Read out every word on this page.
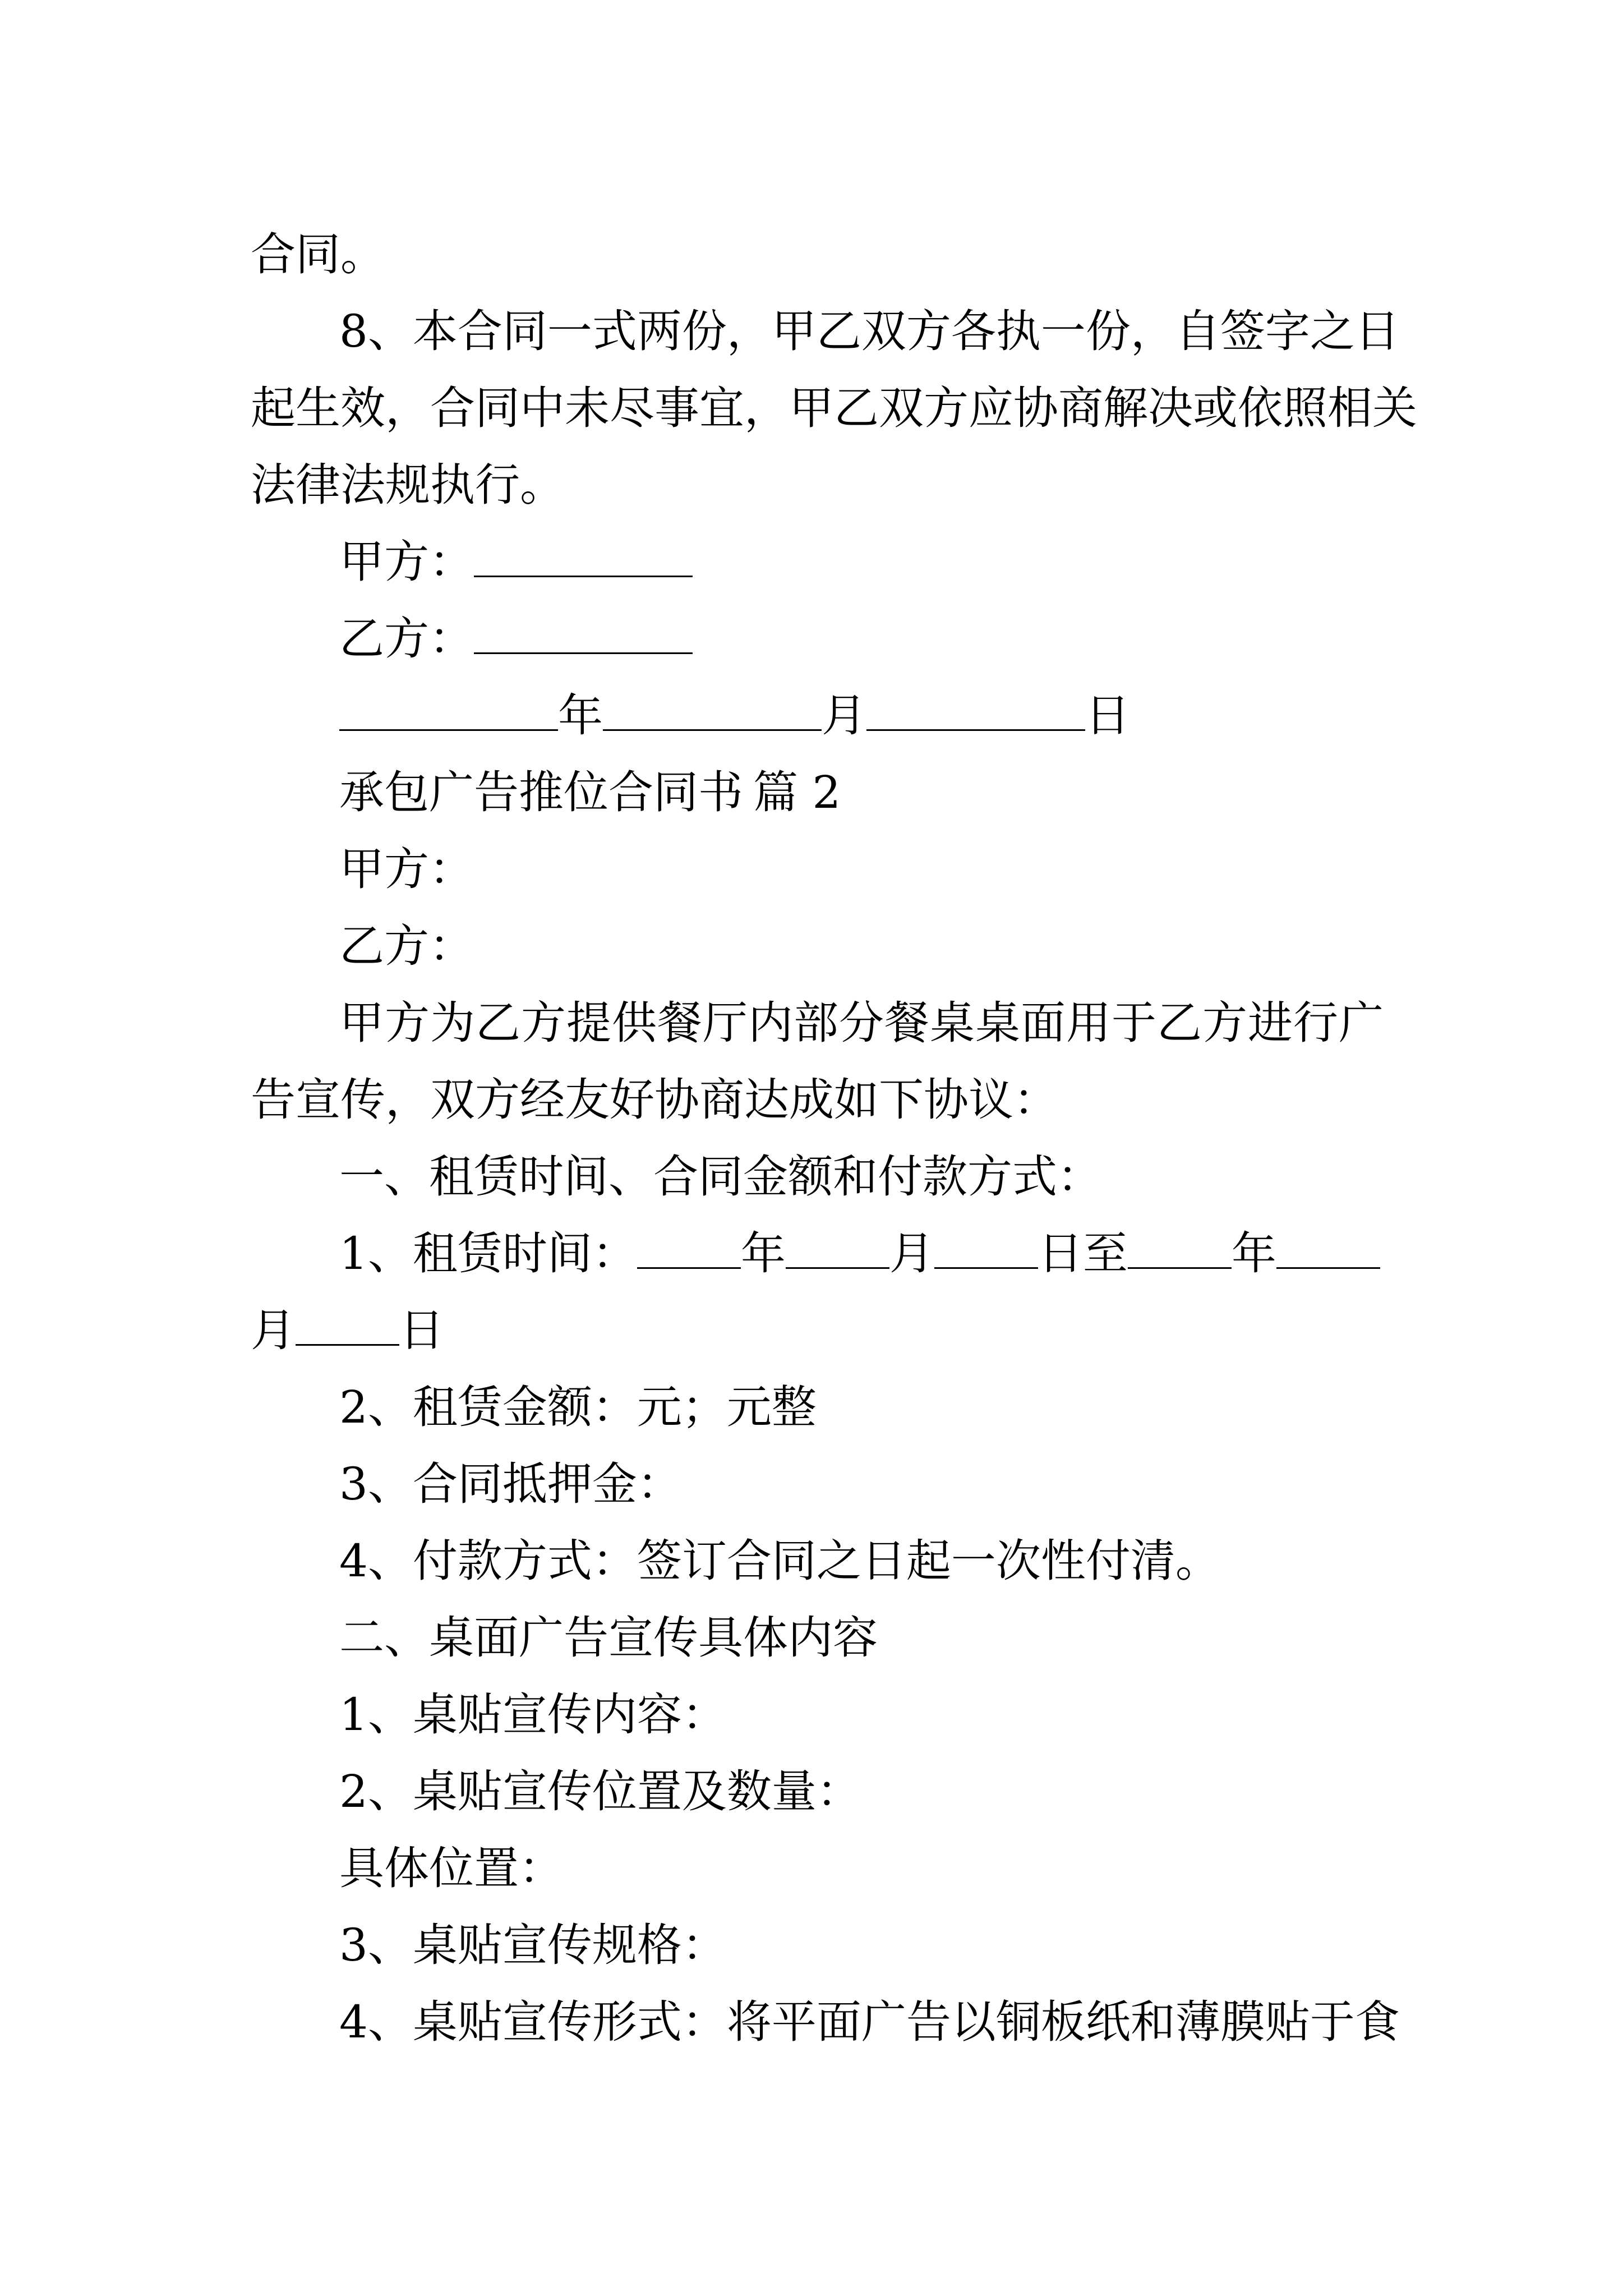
合同。
8、本合同一式两份，甲乙双方各执一份，自签字之日
起生效，合同中未尽事宜，甲乙双方应协商解决或依照相关
法律法规执行。
甲方：
乙方：
年	月	日
承包广告推位合同书 篇 2
甲方：
乙方：
甲方为乙方提供餐厅内部分餐桌桌面用于乙方进行广
告宣传，双方经友好协商达成如下协议：
一、租赁时间、合同金额和付款方式：
1、租赁时间： 年 月 日至 年
月 日
2、租赁金额：元；元整
3、合同抵押金：
4、付款方式：签订合同之日起一次性付清。
二、桌面广告宣传具体内容
1、桌贴宣传内容：
2、桌贴宣传位置及数量：
具体位置：
3、桌贴宣传规格：
4、桌贴宣传形式：将平面广告以铜板纸和薄膜贴于食
